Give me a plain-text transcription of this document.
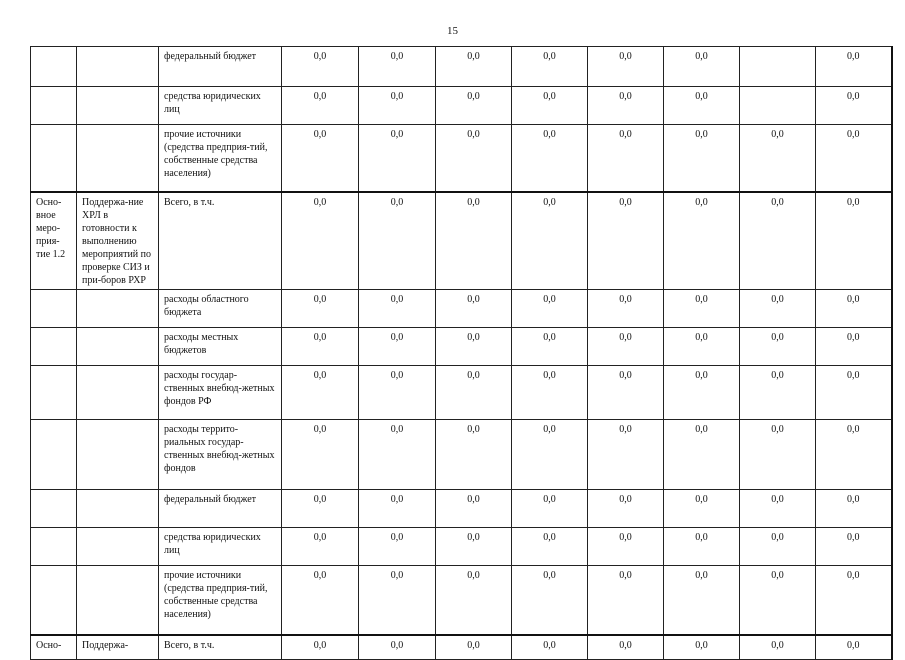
15
		федеральный бюджет	0,0	0,0	0,0	0,0	0,0	0,0		0,0
		средства юридических лиц	0,0	0,0	0,0	0,0	0,0	0,0		0,0
		прочие источники (средства предприя-тий, собственные средства населения)	0,0	0,0	0,0	0,0	0,0	0,0	0,0	0,0
Осно-вное меро-прия-тие 1.2	Поддержа-ние ХРЛ в готовности к выполнению мероприятий по проверке СИЗ и при-боров РХР	Всего, в т.ч.	0,0	0,0	0,0	0,0	0,0	0,0	0,0	0,0
		расходы областного бюджета	0,0	0,0	0,0	0,0	0,0	0,0	0,0	0,0
		расходы местных бюджетов	0,0	0,0	0,0	0,0	0,0	0,0	0,0	0,0
		расходы государ-ственных внебюд-жетных фондов РФ	0,0	0,0	0,0	0,0	0,0	0,0	0,0	0,0
		расходы террито-риальных государ-ственных внебюд-жетных фондов	0,0	0,0	0,0	0,0	0,0	0,0	0,0	0,0
		федеральный бюджет	0,0	0,0	0,0	0,0	0,0	0,0	0,0	0,0
		средства юридических лиц	0,0	0,0	0,0	0,0	0,0	0,0	0,0	0,0
		прочие источники (средства предприя-тий, собственные средства населения)	0,0	0,0	0,0	0,0	0,0	0,0	0,0	0,0
Осно-	Поддержа-	Всего, в т.ч.	0,0	0,0	0,0	0,0	0,0	0,0	0,0	0,0
